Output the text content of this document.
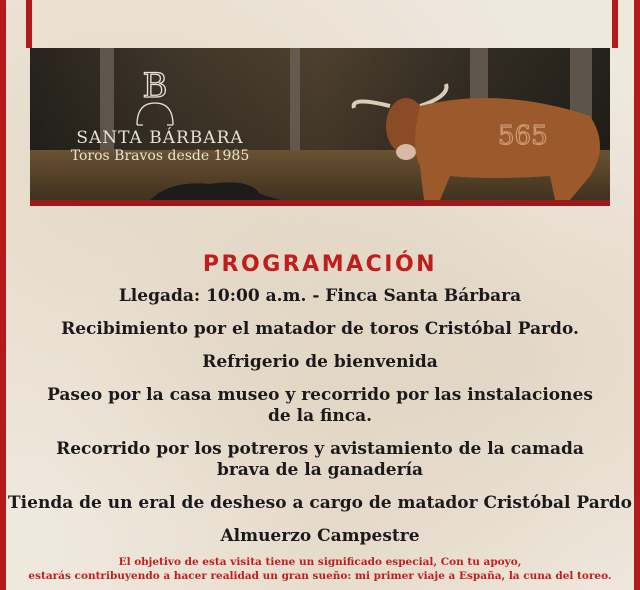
B
SANTA BÁRBARA
Toros Bravos desde 1985
565
PROGRAMACIÓN
Llegada: 10:00 a.m. - Finca Santa Bárbara
Recibimiento por el matador de toros Cristóbal Pardo.
Refrigerio de bienvenida
Paseo por la casa museo y recorrido por las instalaciones
de la finca.
Recorrido por los potreros y avistamiento de la camada
brava de la ganadería
Tienda de un eral de desheso a cargo de matador Cristóbal Pardo
Almuerzo Campestre
El objetivo de esta visita tiene un significado especial, Con tu apoyo,
estarás contribuyendo a hacer realidad un gran sueño: mi primer viaje a España, la cuna del toreo.
